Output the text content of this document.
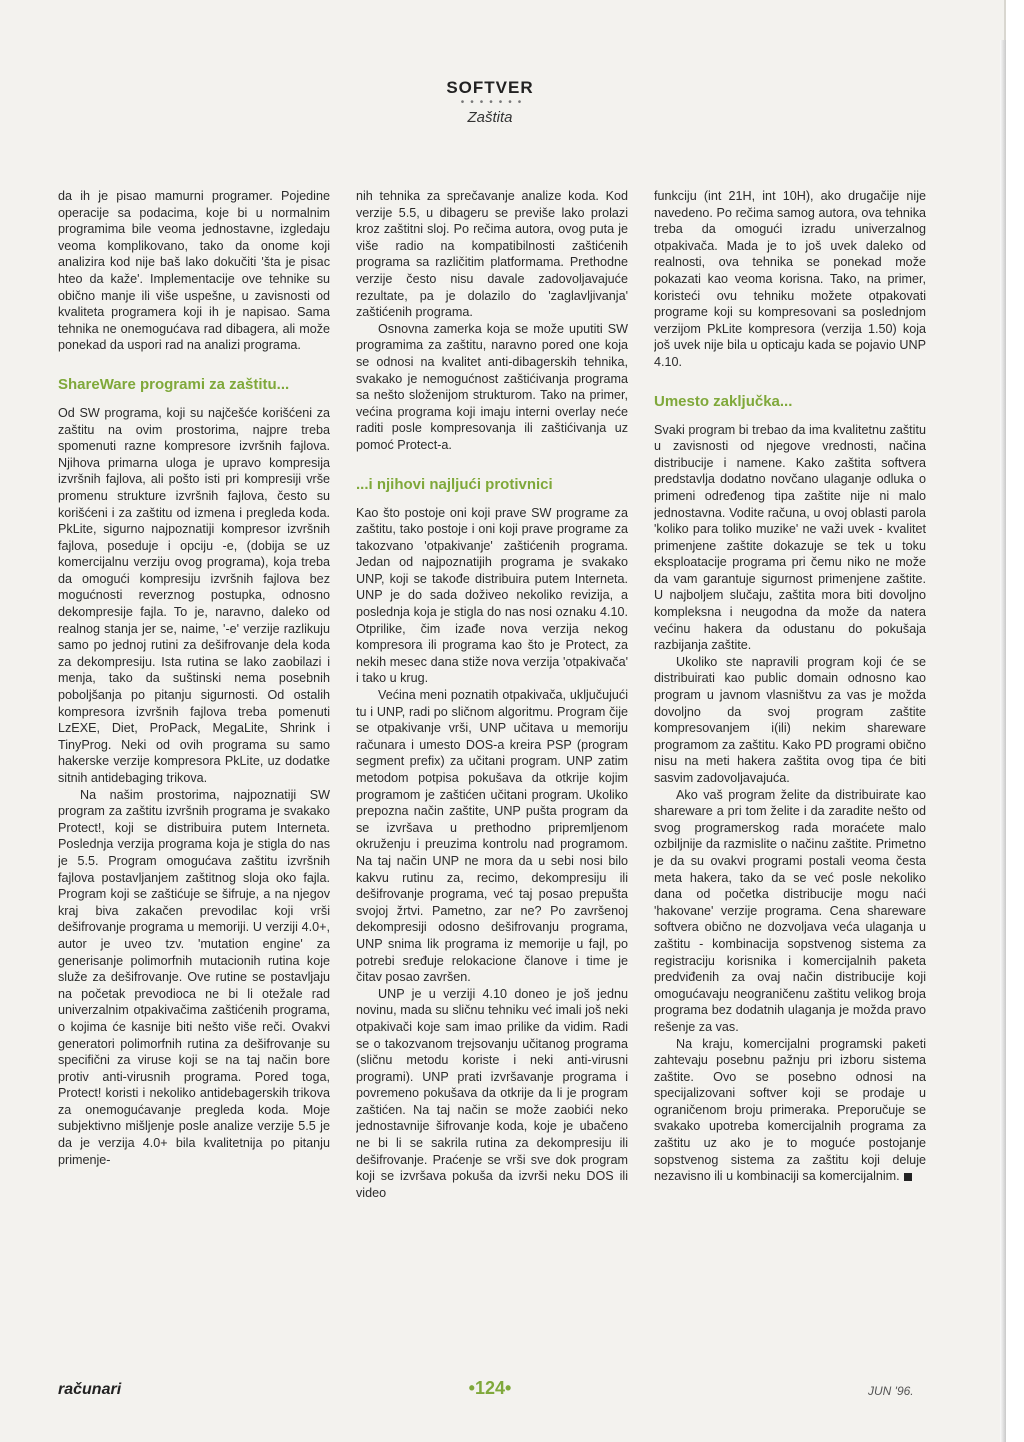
SOFTVER
•••••••
Zaštita

da ih je pisao mamurni programer. Pojedine operacije sa podacima, koje bi u normalnim programima bile veoma jednostavne, izgledaju veoma komplikovano, tako da onome koji analizira kod nije baš lako dokučiti 'šta je pisac hteo da kaže'. Implementacije ove tehnike su obično manje ili više uspešne, u zavisnosti od kvaliteta programera koji ih je napisao. Sama tehnika ne onemogućava rad dibagera, ali može ponekad da uspori rad na analizi programa.

ShareWare programi za zaštitu...

Od SW programa, koji su najčešće korišćeni za zaštitu na ovim prostorima, najpre treba spomenuti razne kompresore izvršnih fajlova. Njihova primarna uloga je upravo kompresija izvršnih fajlova, ali pošto isti pri kompresiji vrše promenu strukture izvršnih fajlova, često su korišćeni i za zaštitu od izmena i pregleda koda. PkLite, sigurno najpoznatiji kompresor izvršnih fajlova, poseduje i opciju -e, (dobija se uz komercijalnu verziju ovog programa), koja treba da omogući kompresiju izvršnih fajlova bez mogućnosti reverznog postupka, odnosno dekompresije fajla. To je, naravno, daleko od realnog stanja jer se, naime, '-e' verzije razlikuju samo po jednoj rutini za dešifrovanje dela koda za dekompresiju. Ista rutina se lako zaobilazi i menja, tako da suštinski nema posebnih poboljšanja po pitanju sigurnosti. Od ostalih kompresora izvršnih fajlova treba pomenuti LzEXE, Diet, ProPack, MegaLite, Shrink i TinyProg. Neki od ovih programa su samo hakerske verzije kompresora PkLite, uz dodatke sitnih antidebaging trikova.

Na našim prostorima, najpoznatiji SW program za zaštitu izvršnih programa je svakako Protect!, koji se distribuira putem Interneta. Poslednja verzija programa koja je stigla do nas je 5.5. Program omogućava zaštitu izvršnih fajlova postavljanjem zaštitnog sloja oko fajla. Program koji se zaštićuje se šifruje, a na njegov kraj biva zakačen prevodilac koji vrši dešifrovanje programa u memoriji. U verziji 4.0+, autor je uveo tzv. 'mutation engine' za generisanje polimorfnih mutacionih rutina koje služe za dešifrovanje. Ove rutine se postavljaju na početak prevodioca ne bi li otežale rad univerzalnim otpakivačima zaštićenih programa, o kojima će kasnije biti nešto više reči. Ovakvi generatori polimorfnih rutina za dešifrovanje su specifični za viruse koji se na taj način bore protiv anti-virusnih programa. Pored toga, Protect! koristi i nekoliko antidebagerskih trikova za onemogućavanje pregleda koda. Moje subjektivno mišljenje posle analize verzije 5.5 je da je verzija 4.0+ bila kvalitetnija po pitanju primenje-

nih tehnika za sprečavanje analize koda. Kod verzije 5.5, u dibageru se previše lako prolazi kroz zaštitni sloj. Po rečima autora, ovog puta je više radio na kompatibilnosti zaštićenih programa sa različitim platformama. Prethodne verzije često nisu davale zadovoljavajuće rezultate, pa je dolazilo do 'zaglavljivanja' zaštićenih programa.

Osnovna zamerka koja se može uputiti SW programima za zaštitu, naravno pored one koja se odnosi na kvalitet anti-dibagerskih tehnika, svakako je nemogućnost zaštićivanja programa sa nešto složenijom strukturom. Tako na primer, većina programa koji imaju interni overlay neće raditi posle kompresovanja ili zaštićivanja uz pomoć Protect-a.

...i njihovi najljući protivnici

Kao što postoje oni koji prave SW programe za zaštitu, tako postoje i oni koji prave programe za takozvano 'otpakivanje' zaštićenih programa. Jedan od najpoznatijih programa je svakako UNP, koji se takođe distribuira putem Interneta. UNP je do sada doživeo nekoliko revizija, a poslednja koja je stigla do nas nosi oznaku 4.10. Otprilike, čim izađe nova verzija nekog kompresora ili programa kao što je Protect, za nekih mesec dana stiže nova verzija 'otpakivača' i tako u krug.

Većina meni poznatih otpakivača, uključujući tu i UNP, radi po sličnom algoritmu. Program čije se otpakivanje vrši, UNP učitava u memoriju računara i umesto DOS-a kreira PSP (program segment prefix) za učitani program. UNP zatim metodom potpisa pokušava da otkrije kojim programom je zaštićen učitani program. Ukoliko prepozna način zaštite, UNP pušta program da se izvršava u prethodno pripremljenom okruženju i preuzima kontrolu nad programom. Na taj način UNP ne mora da u sebi nosi bilo kakvu rutinu za, recimo, dekompresiju ili dešifrovanje programa, već taj posao prepušta svojoj žrtvi. Pametno, zar ne? Po završenoj dekompresiji odosno dešifrovanju programa, UNP snima lik programa iz memorije u fajl, po potrebi sređuje relokacione članove i time je čitav posao završen.

UNP je u verziji 4.10 doneo je još jednu novinu, mada su sličnu tehniku već imali još neki otpakivači koje sam imao prilike da vidim. Radi se o takozvanom trejsovanju učitanog programa (sličnu metodu koriste i neki anti-virusni programi). UNP prati izvršavanje programa i povremeno pokušava da otkrije da li je program zaštićen. Na taj način se može zaobići neko jednostavnije šifrovanje koda, koje je ubačeno ne bi li se sakrila rutina za dekompresiju ili dešifrovanje. Praćenje se vrši sve dok program koji se izvršava pokuša da izvrši neku DOS ili video

funkciju (int 21H, int 10H), ako drugačije nije navedeno. Po rečima samog autora, ova tehnika treba da omogući izradu univerzalnog otpakivača. Mada je to još uvek daleko od realnosti, ova tehnika se ponekad može pokazati kao veoma korisna. Tako, na primer, koristeći ovu tehniku možete otpakovati programe koji su kompresovani sa poslednjom verzijom PkLite kompresora (verzija 1.50) koja još uvek nije bila u opticaju kada se pojavio UNP 4.10.

Umesto zaključka...

Svaki program bi trebao da ima kvalitetnu zaštitu u zavisnosti od njegove vrednosti, načina distribucije i namene. Kako zaštita softvera predstavlja dodatno novčano ulaganje odluka o primeni određenog tipa zaštite nije ni malo jednostavna. Vodite računa, u ovoj oblasti parola 'koliko para toliko muzike' ne važi uvek - kvalitet primenjene zaštite dokazuje se tek u toku eksploatacije programa pri čemu niko ne može da vam garantuje sigurnost primenjene zaštite. U najboljem slučaju, zaštita mora biti dovoljno kompleksna i neugodna da može da natera većinu hakera da odustanu do pokušaja razbijanja zaštite.

Ukoliko ste napravili program koji će se distribuirati kao public domain odnosno kao program u javnom vlasništvu za vas je možda dovoljno da svoj program zaštite kompresovanjem i(ili) nekim shareware programom za zaštitu. Kako PD programi obično nisu na meti hakera zaštita ovog tipa će biti sasvim zadovoljavajuća.

Ako vaš program želite da distribuirate kao shareware a pri tom želite i da zaradite nešto od svog programerskog rada moraćete malo ozbiljnije da razmislite o načinu zaštite. Primetno je da su ovakvi programi postali veoma česta meta hakera, tako da se već posle nekoliko dana od početka distribucije mogu naći 'hakovane' verzije programa. Cena shareware softvera obično ne dozvoljava veća ulaganja u zaštitu - kombinacija sopstvenog sistema za registraciju korisnika i komercijalnih paketa predviđenih za ovaj način distribucije koji omogućavaju neograničenu zaštitu velikog broja programa bez dodatnih ulaganja je možda pravo rešenje za vas.

Na kraju, komercijalni programski paketi zahtevaju posebnu pažnju pri izboru sistema zaštite. Ovo se posebno odnosi na specijalizovani softver koji se prodaje u ograničenom broju primeraka. Preporučuje se svakako upotreba komercijalnih programa za zaštitu uz ako je to moguće postojanje sopstvenog sistema za zaštitu koji deluje nezavisno ili u kombinaciji sa komercijalnim.

računari	•124•	JUN '96.
